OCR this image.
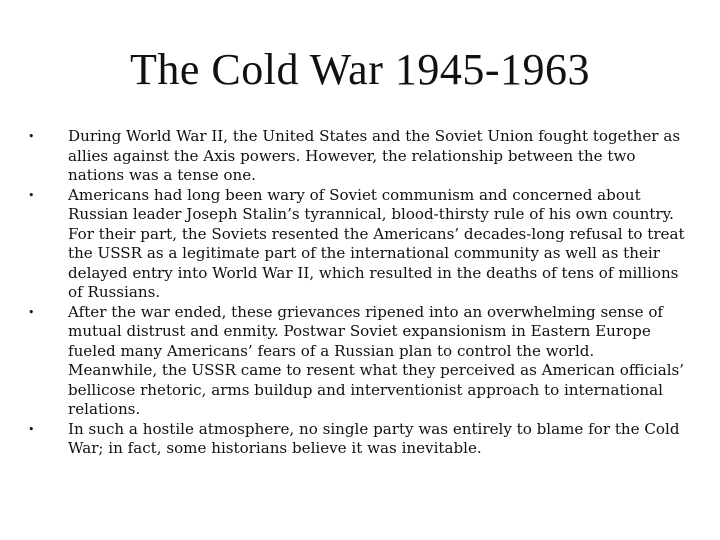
The Cold War 1945-1963
•	During World War II, the United States and the Soviet Union fought together as allies against the Axis powers. However, the relationship between the two nations was a tense one.
•	Americans had long been wary of Soviet communism and concerned about Russian leader Joseph Stalin’s tyrannical, blood-thirsty rule of his own country. For their part, the Soviets resented the Americans’ decades-long refusal to treat the USSR as a legitimate part of the international community as well as their delayed entry into World War II, which resulted in the deaths of tens of millions of Russians.
•	After the war ended, these grievances ripened into an overwhelming sense of mutual distrust and enmity. Postwar Soviet expansionism in Eastern Europe fueled many Americans’ fears of a Russian plan to control the world. Meanwhile, the USSR came to resent what they perceived as American officials’ bellicose rhetoric, arms buildup and interventionist approach to international relations.
•	In such a hostile atmosphere, no single party was entirely to blame for the Cold War; in fact, some historians believe it was inevitable.
